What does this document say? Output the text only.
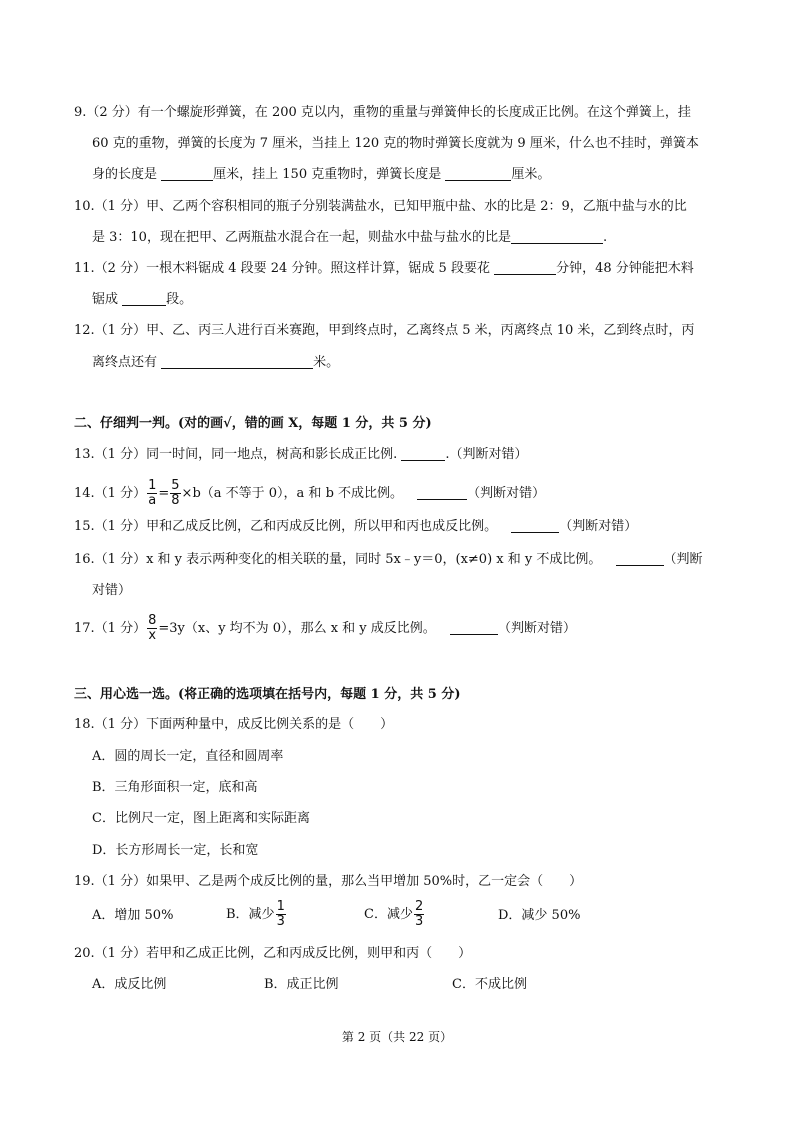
9.（2 分）有一个螺旋形弹簧，在 200 克以内，重物的重量与弹簧伸长的长度成正比例。在这个弹簧上，挂
60 克的重物，弹簧的长度为 7 厘米，当挂上 120 克的物时弹簧长度就为 9 厘米，什么也不挂时，弹簧本
身的长度是	厘米，挂上 150 克重物时，弹簧长度是	厘米。
10.（1 分）甲、乙两个容积相同的瓶子分别装满盐水，已知甲瓶中盐、水的比是 2：9，乙瓶中盐与水的比
是 3：10，现在把甲、乙两瓶盐水混合在一起，则盐水中盐与盐水的比是	.
11.（2 分）一根木料锯成 4 段要 24 分钟。照这样计算，锯成 5 段要花	分钟，48 分钟能把木料
锯成	段。
12.（1 分）甲、乙、丙三人进行百米赛跑，甲到终点时，乙离终点 5 米，丙离终点 10 米，乙到终点时，丙
离终点还有	米。
二、仔细判一判。(对的画√，错的画 X，每题 1 分，共 5 分)
13.（1 分）同一时间，同一地点，树高和影长成正比例.	.（判断对错）
14.（1 分） $\frac{1}{a} = \frac{5}{8} \times b(a$ 不等于 0），a 和 b 不成比例。	（判断对错）
15.（1 分）甲和乙成反比例，乙和丙成反比例，所以甲和丙也成反比例。	（判断对错）
16.（1 分）x 和 y 表示两种变化的相关联的量，同时 5x﹣y＝0，(x≠0) x 和 y 不成比例。	（判断
对错）
17.（1 分） $\frac{8}{x} =3y(x$、y 均不为 0），那么 x 和 y 成反比例。	（判断对错）
三、用心选一选。(将正确的选项填在括号内，每题 1 分，共 5 分)
18.（1 分）下面两种量中，成反比例关系的是（　　）
A．圆的周长一定，直径和圆周率
B．三角形面积一定，底和高
C．比例尺一定，图上距离和实际距离
D．长方形周长一定，长和宽
19.（1 分）如果甲、乙是两个成反比例的量，那么当甲增加 50%时，乙一定会（　　）
A．增加 50%	B．减少 $\frac{1}{3}$	C．减少 $\frac{2}{3}$	D．减少 50%
20.（1 分）若甲和乙成正比例，乙和丙成反比例，则甲和丙（　　）
A．成反比例	B．成正比例	C．不成比例
第 2 页（共 22 页）
